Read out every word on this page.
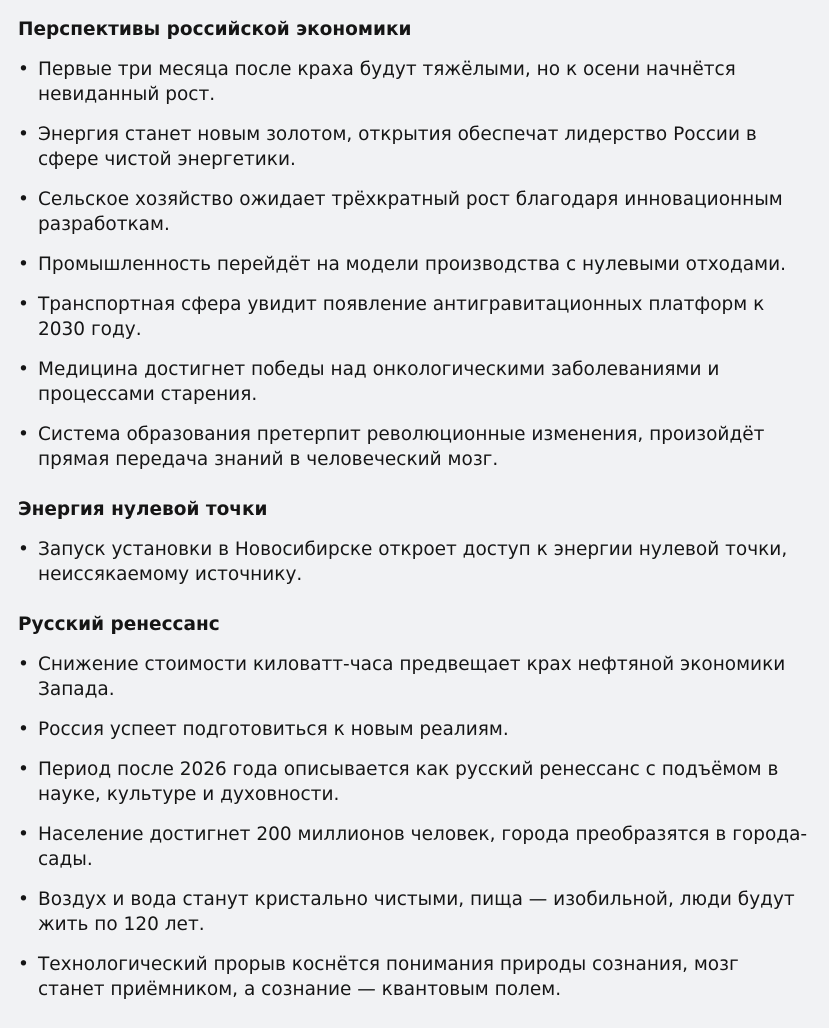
Перспективы российской экономики
• Первые три месяца после краха будут тяжёлыми, но к осени начнётся невиданный рост.
• Энергия станет новым золотом, открытия обеспечат лидерство России в сфере чистой энергетики.
• Сельское хозяйство ожидает трёхкратный рост благодаря инновационным разработкам.
• Промышленность перейдёт на модели производства с нулевыми отходами.
• Транспортная сфера увидит появление антигравитационных платформ к 2030 году.
• Медицина достигнет победы над онкологическими заболеваниями и процессами старения.
• Система образования претерпит революционные изменения, произойдёт прямая передача знаний в человеческий мозг.
Энергия нулевой точки
• Запуск установки в Новосибирске откроет доступ к энергии нулевой точки, неиссякаемому источнику.
Русский ренессанс
• Снижение стоимости киловатт-часа предвещает крах нефтяной экономики Запада.
• Россия успеет подготовиться к новым реалиям.
• Период после 2026 года описывается как русский ренессанс с подъёмом в науке, культуре и духовности.
• Население достигнет 200 миллионов человек, города преобразятся в города-сады.
• Воздух и вода станут кристально чистыми, пища — изобильной, люди будут жить по 120 лет.
• Технологический прорыв коснётся понимания природы сознания, мозг станет приёмником, а сознание — квантовым полем.
